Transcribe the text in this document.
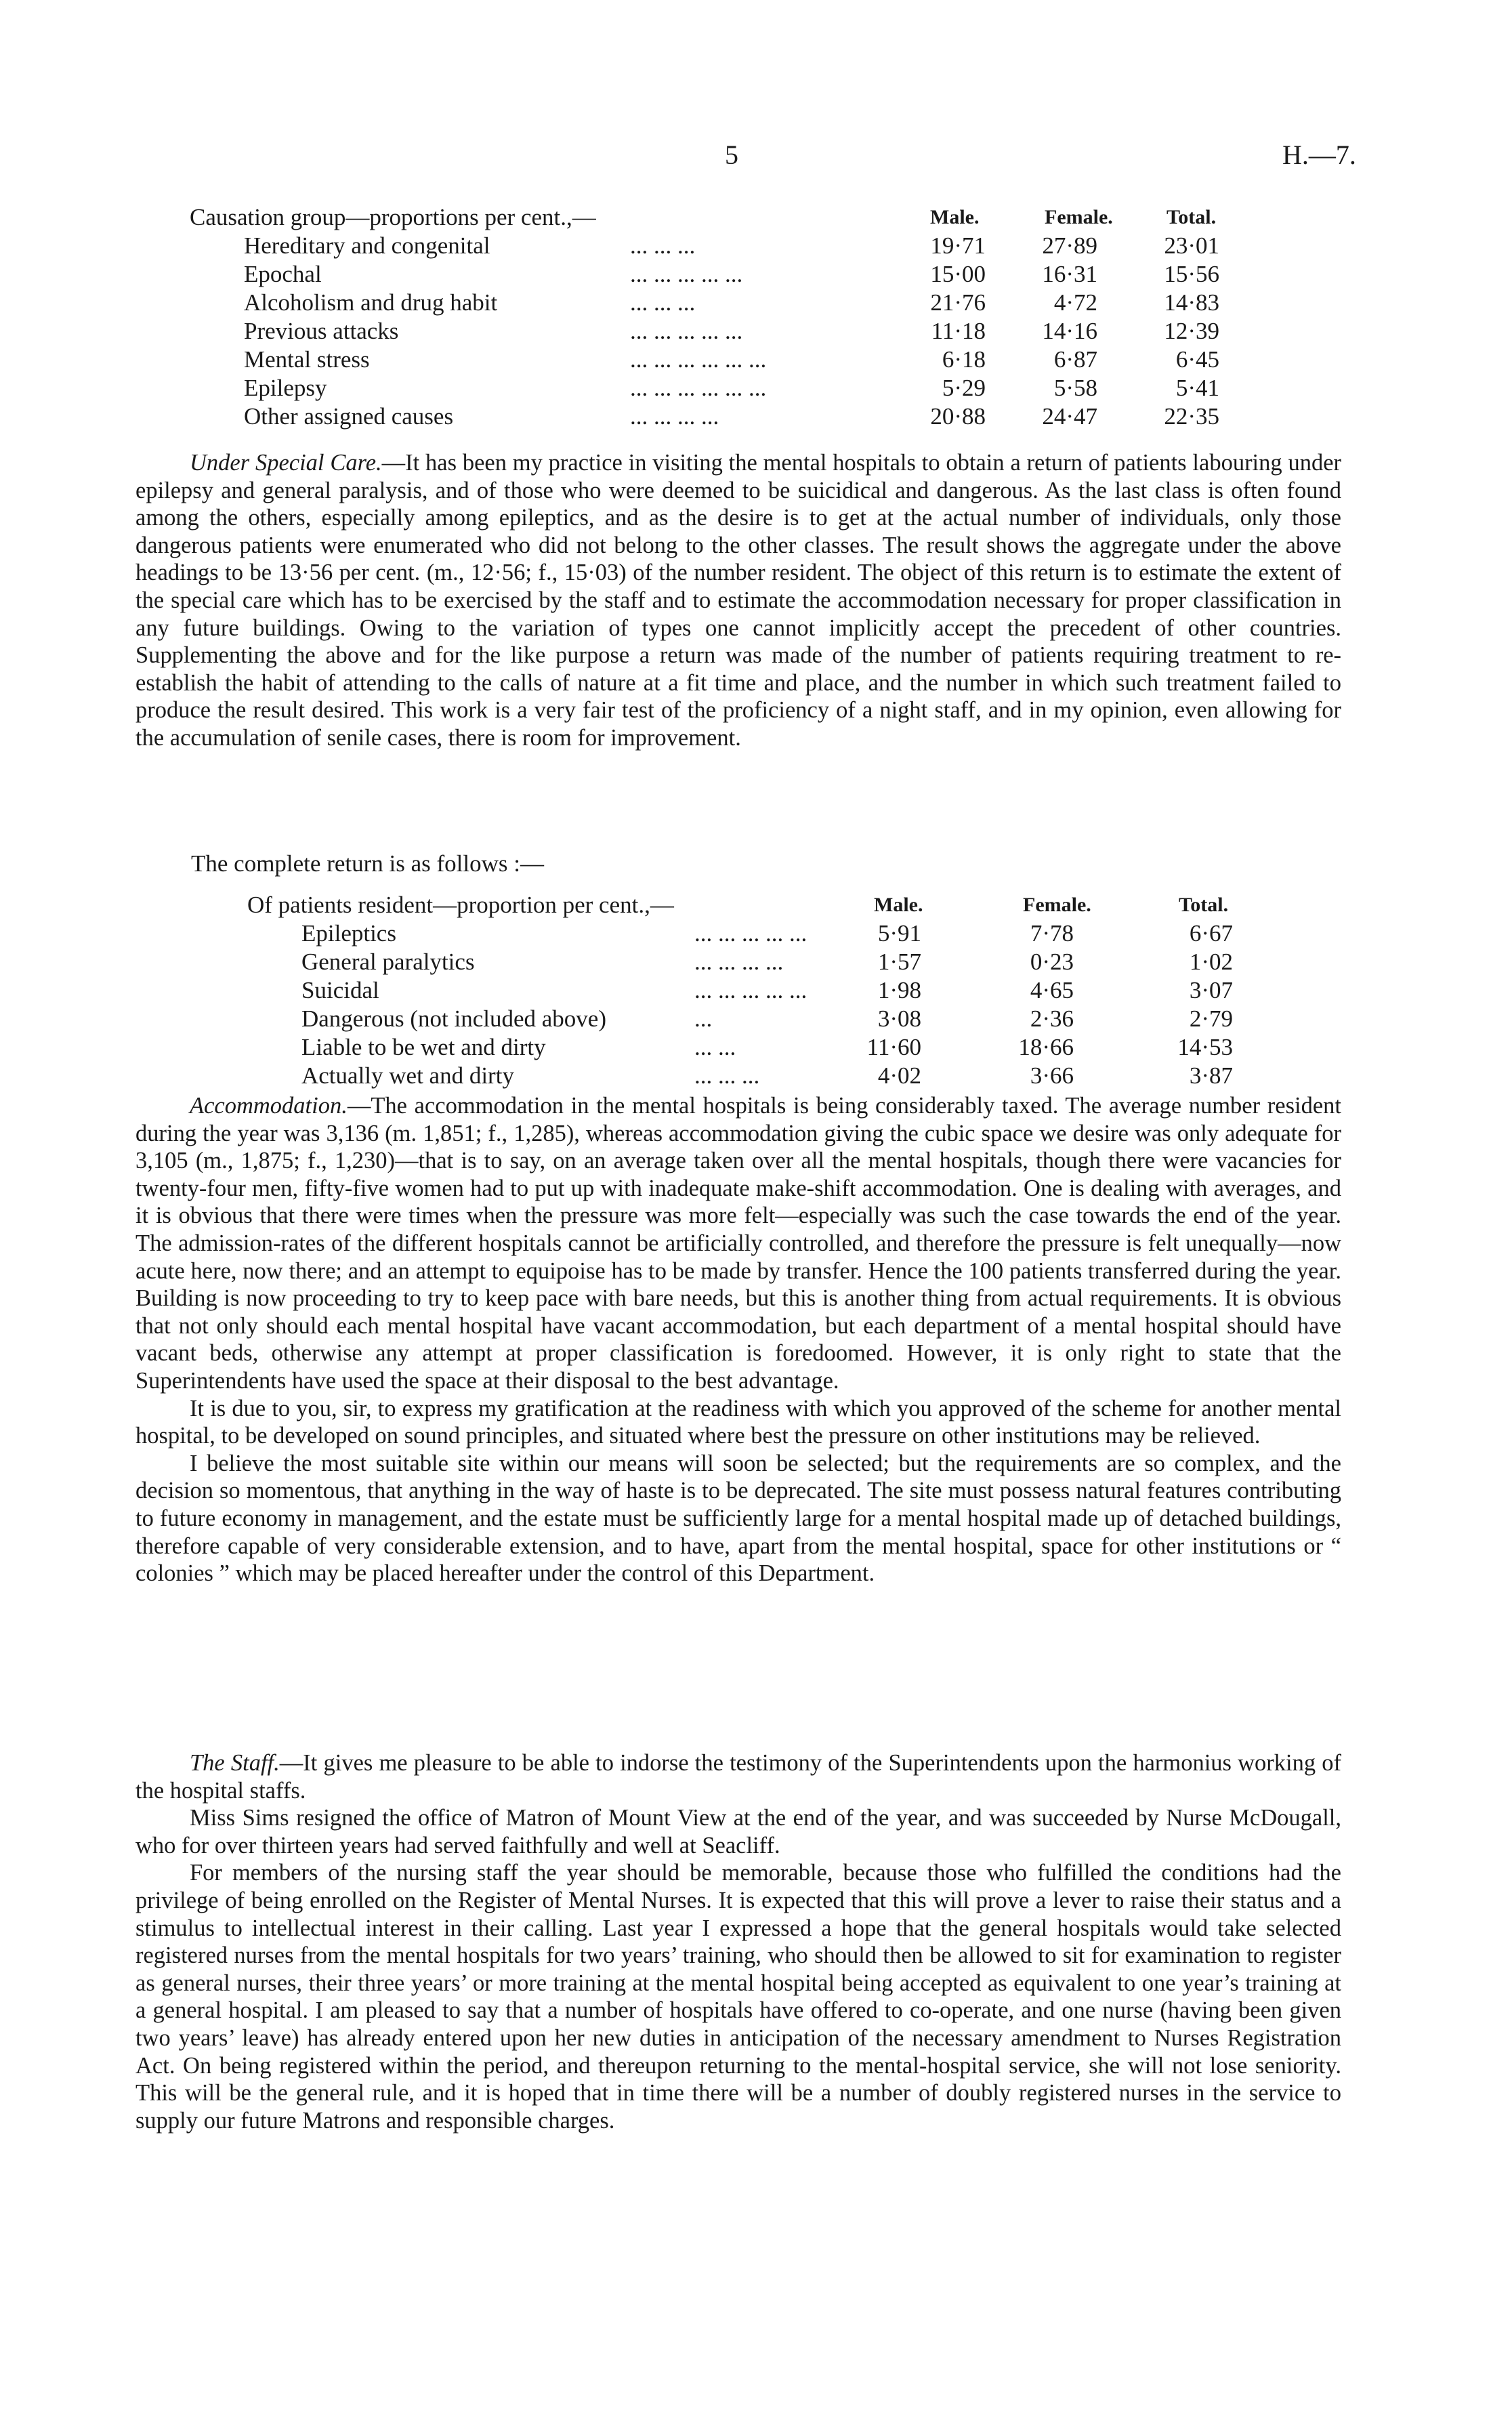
5	H.—7.
Causation group—proportions per cent.,—	Male.	Female.	Total.
Hereditary and congenital	... ... ...	19·71	27·89	23·01
Epochal	... ... ... ... ...	15·00	16·31	15·56
Alcoholism and drug habit	... ... ...	21·76	4·72	14·83
Previous attacks	... ... ... ... ...	11·18	14·16	12·39
Mental stress	... ... ... ... ... ...	6·18	6·87	6·45
Epilepsy	... ... ... ... ... ...	5·29	5·58	5·41
Other assigned causes	... ... ... ...	20·88	24·47	22·35

Under Special Care.—It has been my practice in visiting the mental hospitals to obtain a return of patients labouring under epilepsy and general paralysis, and of those who were deemed to be suicidical and dangerous. As the last class is often found among the others, especially among epileptics, and as the desire is to get at the actual number of individuals, only those dangerous patients were enumerated who did not belong to the other classes. The result shows the aggregate under the above headings to be 13·56 per cent. (m., 12·56; f., 15·03) of the number resident. The object of this return is to estimate the extent of the special care which has to be exercised by the staff and to estimate the accommodation necessary for proper classification in any future buildings. Owing to the variation of types one cannot implicitly accept the precedent of other countries. Supplementing the above and for the like purpose a return was made of the number of patients requiring treatment to re-establish the habit of attending to the calls of nature at a fit time and place, and the number in which such treatment failed to produce the result desired. This work is a very fair test of the proficiency of a night staff, and in my opinion, even allowing for the accumulation of senile cases, there is room for improvement.

The complete return is as follows :—
Of patients resident—proportion per cent.,—	Male.	Female.	Total.
Epileptics	... ... ... ... ...	5·91	7·78	6·67
General paralytics	... ... ... ...	1·57	0·23	1·02
Suicidal	... ... ... ... ...	1·98	4·65	3·07
Dangerous (not included above)	...	3·08	2·36	2·79
Liable to be wet and dirty	... ...	11·60	18·66	14·53
Actually wet and dirty	... ... ...	4·02	3·66	3·87

Accommodation.—The accommodation in the mental hospitals is being considerably taxed. The average number resident during the year was 3,136 (m. 1,851; f., 1,285), whereas accommodation giving the cubic space we desire was only adequate for 3,105 (m., 1,875; f., 1,230)—that is to say, on an average taken over all the mental hospitals, though there were vacancies for twenty-four men, fifty-five women had to put up with inadequate make-shift accommodation. One is dealing with averages, and it is obvious that there were times when the pressure was more felt—especially was such the case towards the end of the year. The admission-rates of the different hospitals cannot be artificially controlled, and therefore the pressure is felt unequally—now acute here, now there; and an attempt to equipoise has to be made by transfer. Hence the 100 patients transferred during the year. Building is now proceeding to try to keep pace with bare needs, but this is another thing from actual requirements. It is obvious that not only should each mental hospital have vacant accommodation, but each department of a mental hospital should have vacant beds, otherwise any attempt at proper classification is foredoomed. However, it is only right to state that the Superintendents have used the space at their disposal to the best advantage.

It is due to you, sir, to express my gratification at the readiness with which you approved of the scheme for another mental hospital, to be developed on sound principles, and situated where best the pressure on other institutions may be relieved.

I believe the most suitable site within our means will soon be selected; but the requirements are so complex, and the decision so momentous, that anything in the way of haste is to be deprecated. The site must possess natural features contributing to future economy in management, and the estate must be sufficiently large for a mental hospital made up of detached buildings, therefore capable of very considerable extension, and to have, apart from the mental hospital, space for other institutions or “ colonies ” which may be placed hereafter under the control of this Department.

The Staff.—It gives me pleasure to be able to indorse the testimony of the Superintendents upon the harmonius working of the hospital staffs.

Miss Sims resigned the office of Matron of Mount View at the end of the year, and was succeeded by Nurse McDougall, who for over thirteen years had served faithfully and well at Seacliff.

For members of the nursing staff the year should be memorable, because those who fulfilled the conditions had the privilege of being enrolled on the Register of Mental Nurses. It is expected that this will prove a lever to raise their status and a stimulus to intellectual interest in their calling. Last year I expressed a hope that the general hospitals would take selected registered nurses from the mental hospitals for two years’ training, who should then be allowed to sit for examination to register as general nurses, their three years’ or more training at the mental hospital being accepted as equivalent to one year’s training at a general hospital. I am pleased to say that a number of hospitals have offered to co-operate, and one nurse (having been given two years’ leave) has already entered upon her new duties in anticipation of the necessary amendment to Nurses Registration Act. On being registered within the period, and thereupon returning to the mental-hospital service, she will not lose seniority. This will be the general rule, and it is hoped that in time there will be a number of doubly registered nurses in the service to supply our future Matrons and responsible charges.
